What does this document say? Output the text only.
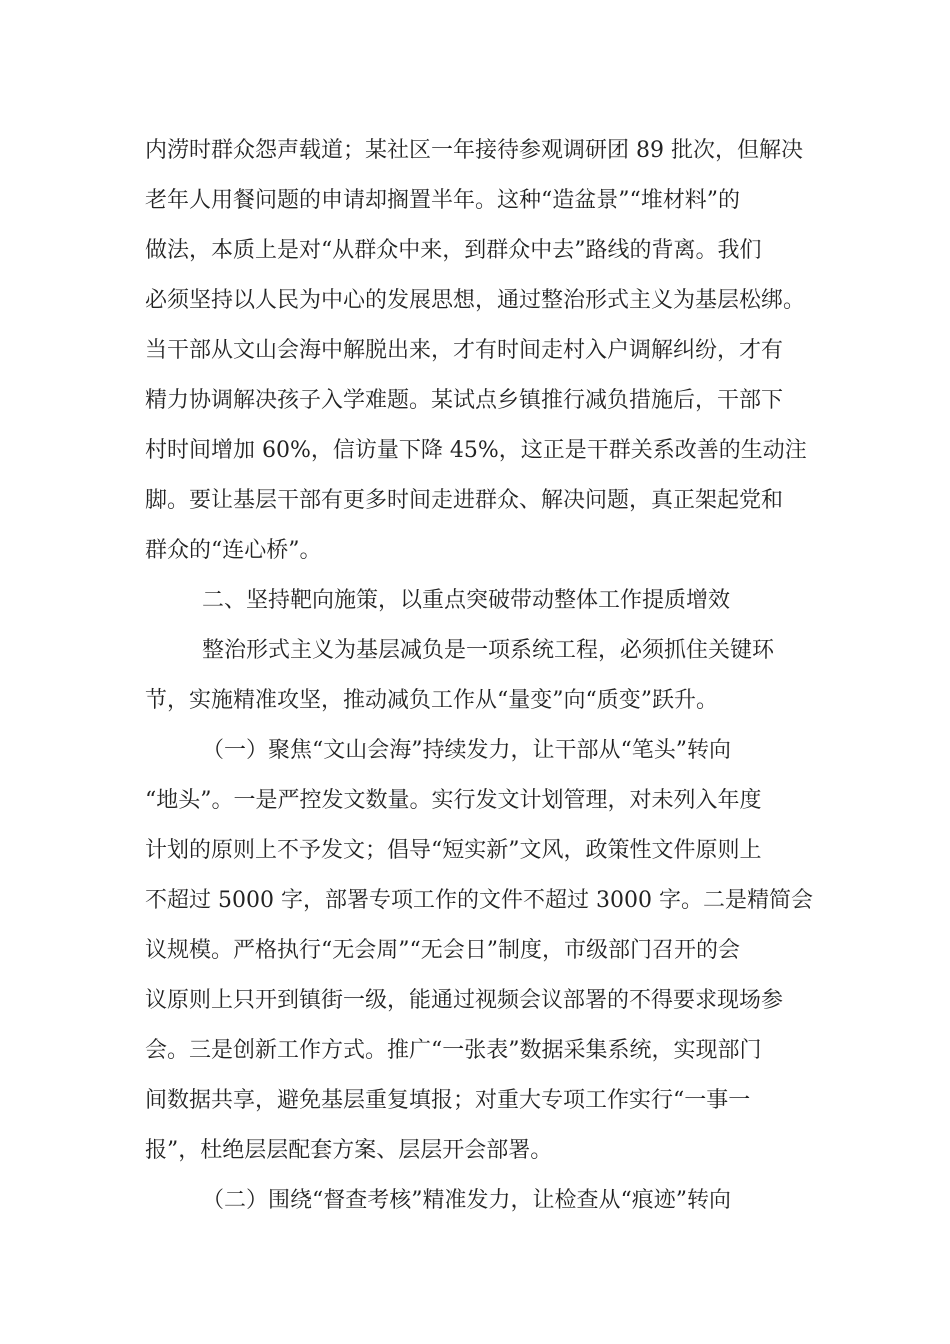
内涝时群众怨声载道；某社区一年接待参观调研团 89 批次，但解决
老年人用餐问题的申请却搁置半年。这种“造盆景”“堆材料”的
做法，本质上是对“从群众中来，到群众中去”路线的背离。我们
必须坚持以人民为中心的发展思想，通过整治形式主义为基层松绑。
当干部从文山会海中解脱出来，才有时间走村入户调解纠纷，才有
精力协调解决孩子入学难题。某试点乡镇推行减负措施后，干部下
村时间增加 60%，信访量下降 45%，这正是干群关系改善的生动注
脚。要让基层干部有更多时间走进群众、解决问题，真正架起党和
群众的“连心桥”。
二、坚持靶向施策，以重点突破带动整体工作提质增效
整治形式主义为基层减负是一项系统工程，必须抓住关键环
节，实施精准攻坚，推动减负工作从“量变”向“质变”跃升。
（一）聚焦“文山会海”持续发力，让干部从“笔头”转向
“地头”。一是严控发文数量。实行发文计划管理，对未列入年度
计划的原则上不予发文；倡导“短实新”文风，政策性文件原则上
不超过 5000 字，部署专项工作的文件不超过 3000 字。二是精简会
议规模。严格执行“无会周”“无会日”制度，市级部门召开的会
议原则上只开到镇街一级，能通过视频会议部署的不得要求现场参
会。三是创新工作方式。推广“一张表”数据采集系统，实现部门
间数据共享，避免基层重复填报；对重大专项工作实行“一事一
报”，杜绝层层配套方案、层层开会部署。
（二）围绕“督查考核”精准发力，让检查从“痕迹”转向
